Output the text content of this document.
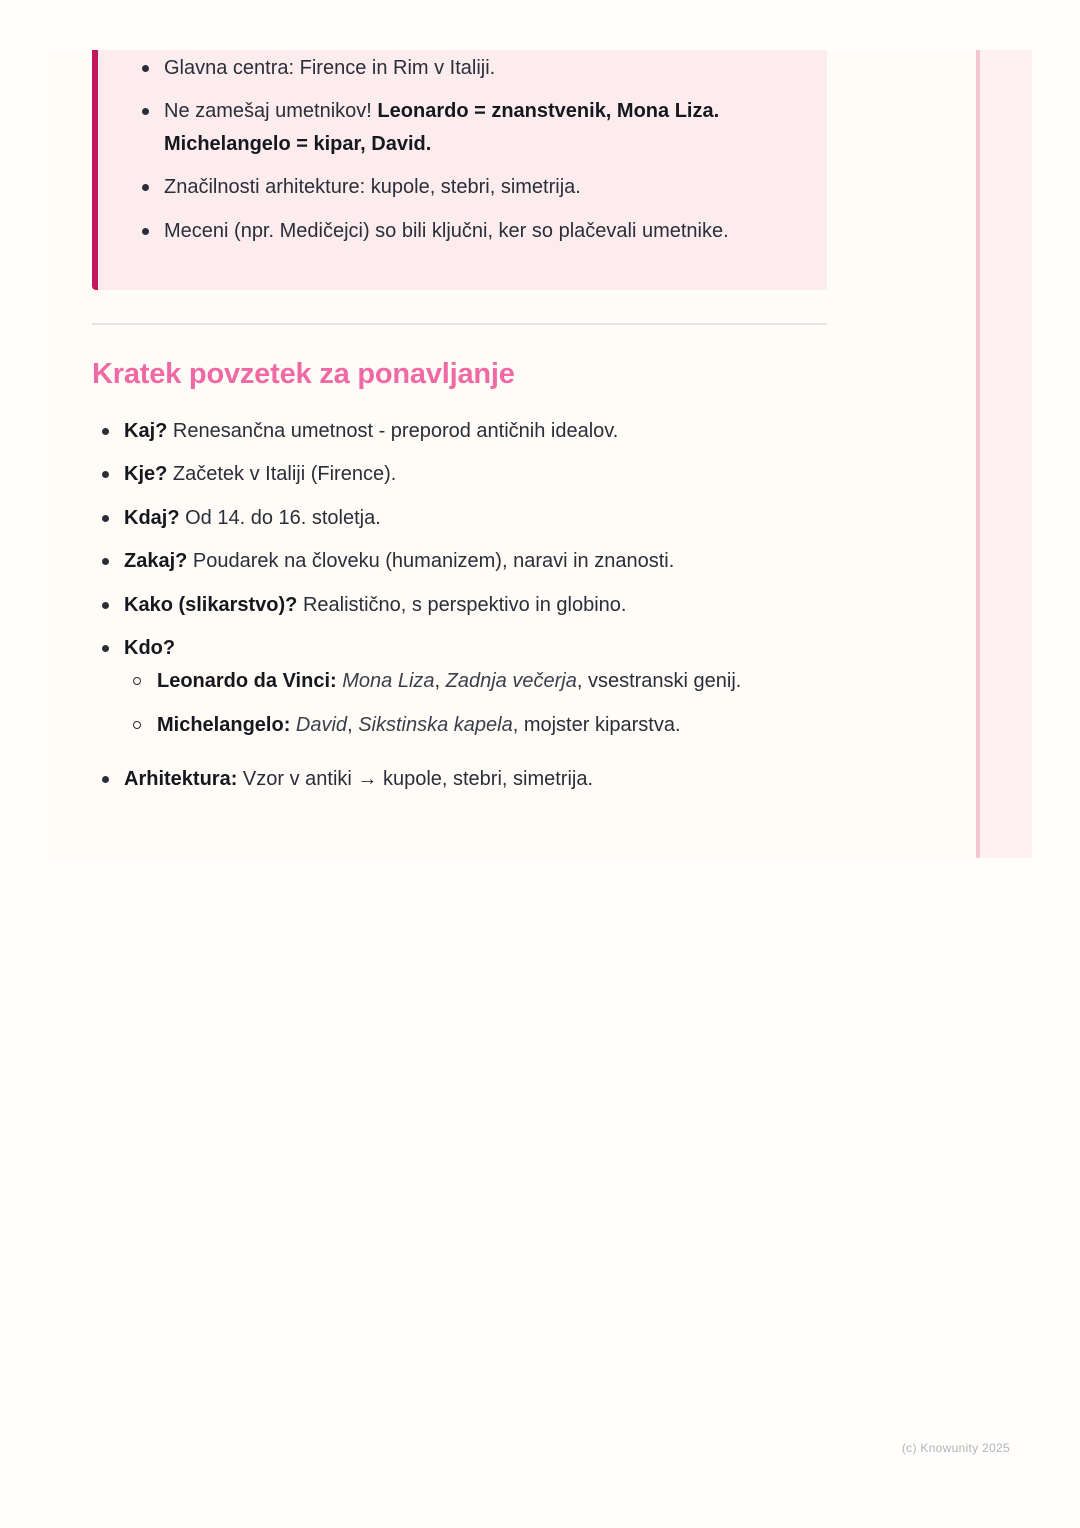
Glavna centra: Firence in Rim v Italiji.
Ne zamešaj umetnikov! Leonardo = znanstvenik, Mona Liza.
Michelangelo = kipar, David.
Značilnosti arhitekture: kupole, stebri, simetrija.
Meceni (npr. Medičejci) so bili ključni, ker so plačevali umetnike.
Kratek povzetek za ponavljanje
Kaj? Renesančna umetnost - preporod antičnih idealov.
Kje? Začetek v Italiji (Firence).
Kdaj? Od 14. do 16. stoletja.
Zakaj? Poudarek na človeku (humanizem), naravi in znanosti.
Kako (slikarstvo)? Realistično, s perspektivo in globino.
Kdo?
Arhitektura: Vzor v antiki → kupole, stebri, simetrija.
Leonardo da Vinci: Mona Liza, Zadnja večerja, vsestranski genij.
Michelangelo: David, Sikstinska kapela, mojster kiparstva.
(c) Knowunity 2025
